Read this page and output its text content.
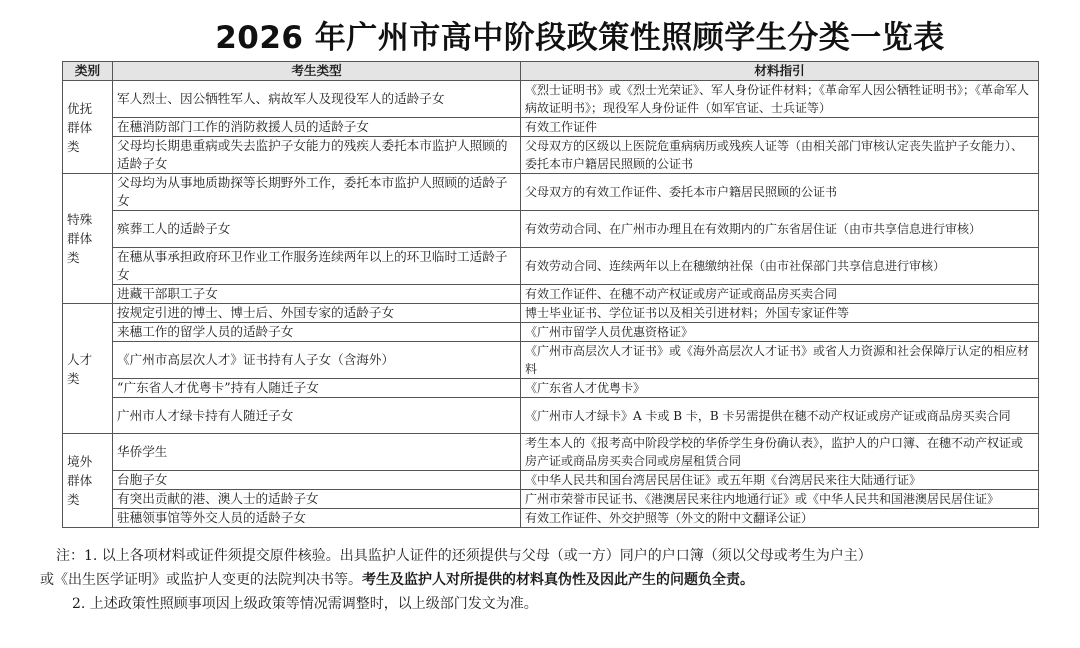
2026 年广州市高中阶段政策性照顾学生分类一览表
类别	考生类型	材料指引
优抚
群体
类	军人烈士、因公牺牲军人、病故军人及现役军人的适龄子女	《烈士证明书》或《烈士光荣证》、军人身份证件材料；《革命军人因公牺牲证明书》；《革命军人病故证明书》；现役军人身份证件（如军官证、士兵证等）
	在穗消防部门工作的消防救援人员的适龄子女	有效工作证件
	父母均长期患重病或失去监护子女能力的残疾人委托本市监护人照顾的适龄子女	父母双方的区级以上医院危重病病历或残疾人证等（由相关部门审核认定丧失监护子女能力）、委托本市户籍居民照顾的公证书
特殊
群体
类	父母均为从事地质勘探等长期野外工作，委托本市监护人照顾的适龄子女	父母双方的有效工作证件、委托本市户籍居民照顾的公证书
	殡葬工人的适龄子女	有效劳动合同、在广州市办理且在有效期内的广东省居住证（由市共享信息进行审核）
	在穗从事承担政府环卫作业工作服务连续两年以上的环卫临时工适龄子女	有效劳动合同、连续两年以上在穗缴纳社保（由市社保部门共享信息进行审核）
	进藏干部职工子女	有效工作证件、在穗不动产权证或房产证或商品房买卖合同
人才
类	按规定引进的博士、博士后、外国专家的适龄子女	博士毕业证书、学位证书以及相关引进材料；外国专家证件等
	来穗工作的留学人员的适龄子女	《广州市留学人员优惠资格证》
	《广州市高层次人才》证书持有人子女（含海外）	《广州市高层次人才证书》或《海外高层次人才证书》或省人力资源和社会保障厅认定的相应材料
	“广东省人才优粤卡”持有人随迁子女	《广东省人才优粤卡》
	广州市人才绿卡持有人随迁子女	《广州市人才绿卡》A 卡或 B 卡，B 卡另需提供在穗不动产权证或房产证或商品房买卖合同
境外
群体
类	华侨学生	考生本人的《报考高中阶段学校的华侨学生身份确认表》，监护人的户口簿、在穗不动产权证或房产证或商品房买卖合同或房屋租赁合同
	台胞子女	《中华人民共和国台湾居民居住证》或五年期《台湾居民来往大陆通行证》
	有突出贡献的港、澳人士的适龄子女	广州市荣誉市民证书、《港澳居民来往内地通行证》或《中华人民共和国港澳居民居住证》
	驻穗领事馆等外交人员的适龄子女	有效工作证件、外交护照等（外文的附中文翻译公证）
注：1. 以上各项材料或证件须提交原件核验。出具监护人证件的还须提供与父母（或一方）同户的户口簿（须以父母或考生为户主）
或《出生医学证明》或监护人变更的法院判决书等。考生及监护人对所提供的材料真伪性及因此产生的问题负全责。
2. 上述政策性照顾事项因上级政策等情况需调整时，以上级部门发文为准。
